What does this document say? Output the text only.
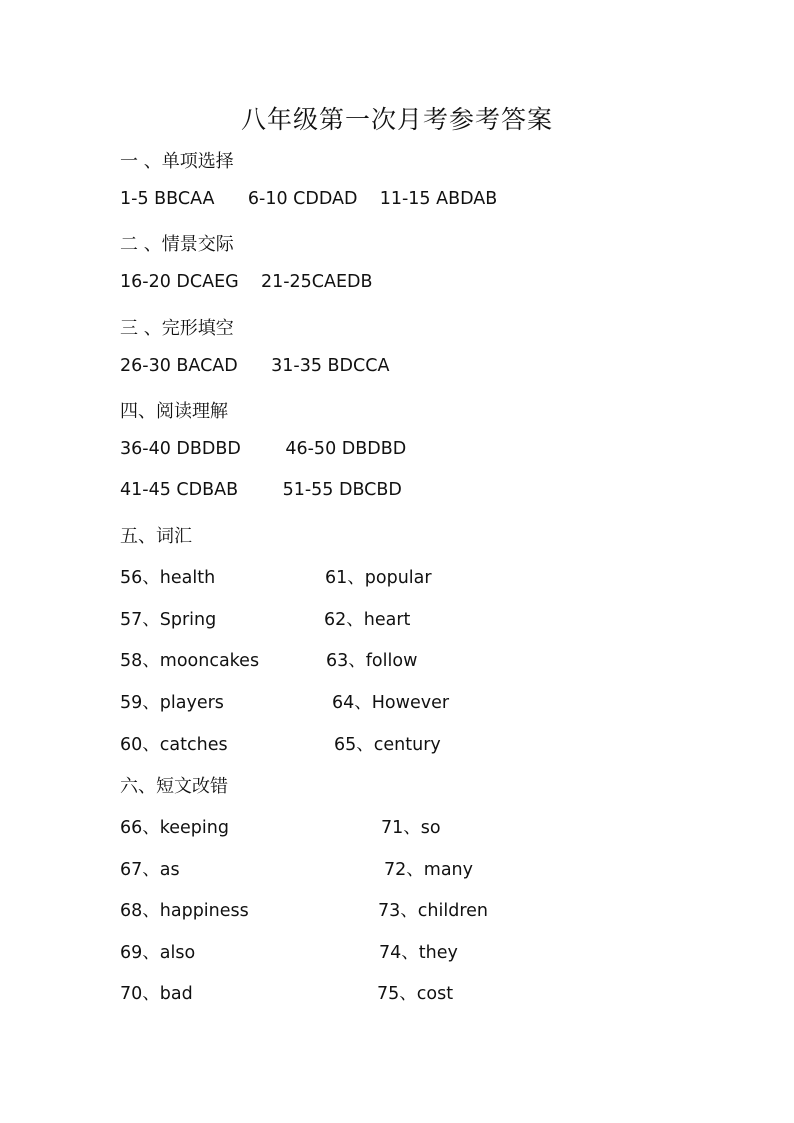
八年级第一次月考参考答案
一 、单项选择
1-5 BBCAA      6-10 CDDAD    11-15 ABDAB
二 、情景交际
16-20 DCAEG    21-25CAEDB
三 、完形填空
26-30 BACAD      31-35 BDCCA
四、阅读理解
36-40 DBDBD        46-50 DBDBD
41-45 CDBAB        51-55 DBCBD
五、词汇
56、health	61、popular
57、Spring	62、heart
58、mooncakes	63、follow
59、players	64、However
60、catches	65、century
六、短文改错
66、keeping	71、so
67、as	72、many
68、happiness	73、children
69、also	74、they
70、bad	75、cost
